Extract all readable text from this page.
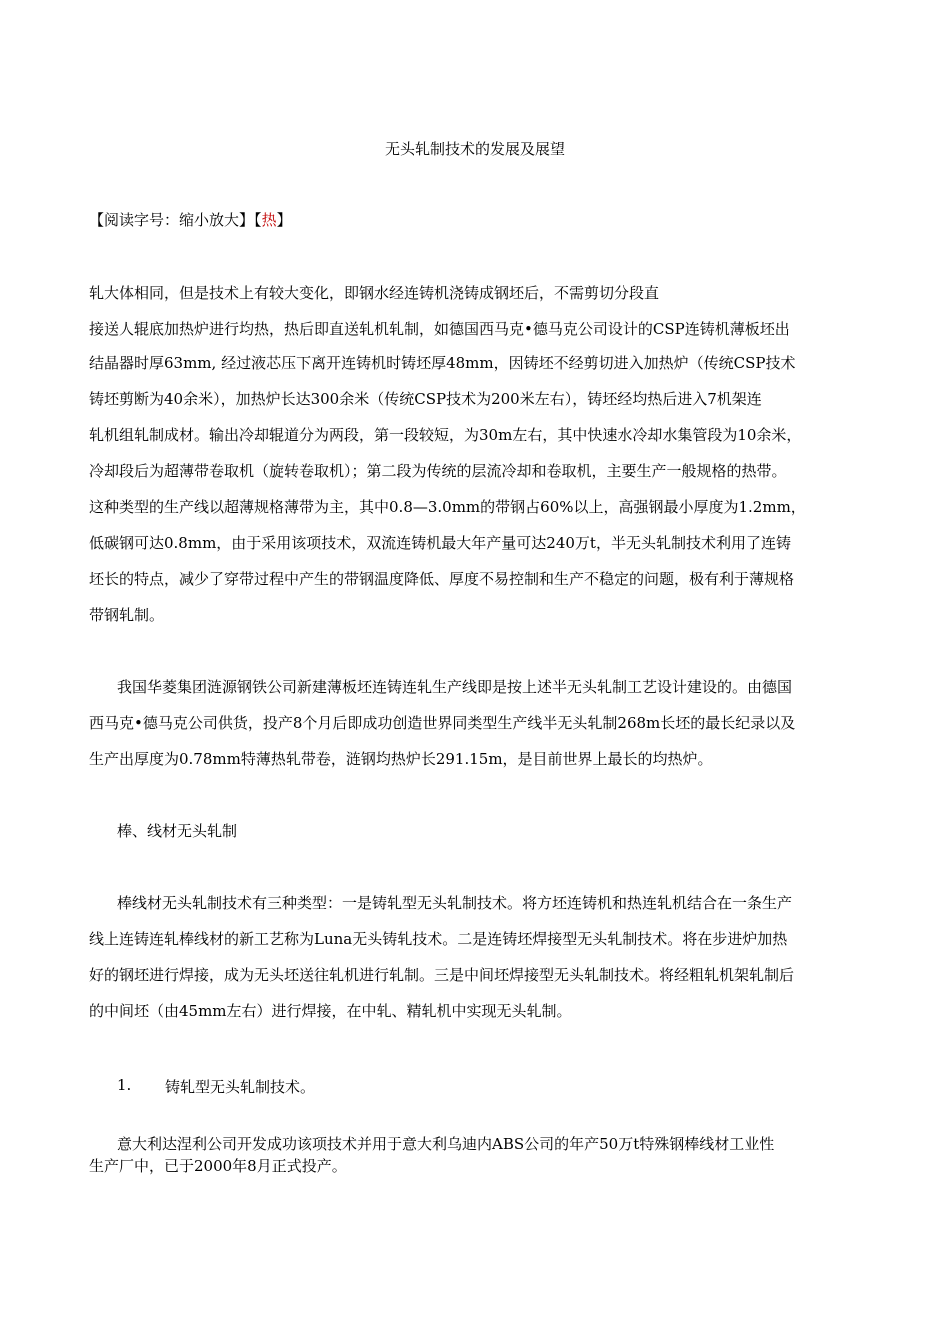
无头轧制技术的发展及展望
【阅读字号：缩小放大】【热】
轧大体相同，但是技术上有较大变化，即钢水经连铸机浇铸成钢坯后，不需剪切分段直
接送人辊底加热炉进行均热，热后即直送轧机轧制，如德国西马克•德马克公司设计的CSP连铸机薄板坯出
结晶器时厚63mm, 经过液芯压下离开连铸机时铸坯厚48mm，因铸坯不经剪切进入加热炉（传统CSP技术
铸坯剪断为40余米），加热炉长达300余米（传统CSP技术为200米左右），铸坯经均热后进入7机架连
轧机组轧制成材。输出冷却辊道分为两段，第一段较短，为30m左右，其中快速水冷却水集管段为10余米，
冷却段后为超薄带卷取机（旋转卷取机）；第二段为传统的层流冷却和卷取机，主要生产一般规格的热带。
这种类型的生产线以超薄规格薄带为主，其中0.8—3.0mm的带钢占60%以上，高强钢最小厚度为1.2mm，
低碳钢可达0.8mm，由于采用该项技术，双流连铸机最大年产量可达240万t，半无头轧制技术利用了连铸
坯长的特点，减少了穿带过程中产生的带钢温度降低、厚度不易控制和生产不稳定的问题，极有利于薄规格
带钢轧制。
我国华菱集团涟源钢铁公司新建薄板坯连铸连轧生产线即是按上述半无头轧制工艺设计建设的。由德国
西马克•德马克公司供货，投产8个月后即成功创造世界同类型生产线半无头轧制268m长坯的最长纪录以及
生产出厚度为0.78mm特薄热轧带卷，涟钢均热炉长291.15m，是目前世界上最长的均热炉。
棒、线材无头轧制
棒线材无头轧制技术有三种类型：一是铸轧型无头轧制技术。将方坯连铸机和热连轧机结合在一条生产
线上连铸连轧棒线材的新工艺称为Luna无头铸轧技术。二是连铸坯焊接型无头轧制技术。将在步进炉加热
好的钢坯进行焊接，成为无头坯送往轧机进行轧制。三是中间坯焊接型无头轧制技术。将经粗轧机架轧制后
的中间坯（由45mm左右）进行焊接，在中轧、精轧机中实现无头轧制。
1. 铸轧型无头轧制技术。
意大利达涅利公司开发成功该项技术并用于意大利乌迪内ABS公司的年产50万t特殊钢棒线材工业性
生产厂中，已于2000年8月正式投产。
